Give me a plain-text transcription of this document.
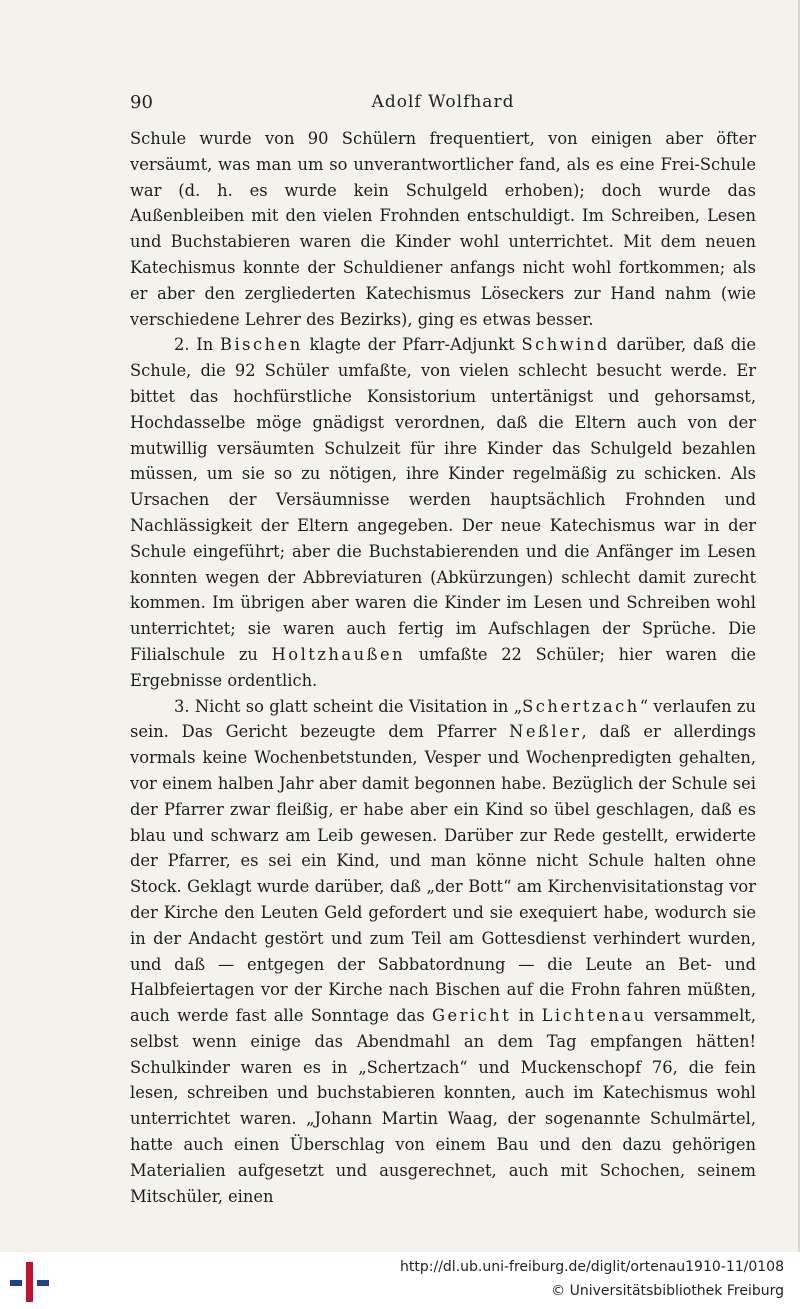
90	Adolf Wolfhard

Schule wurde von 90 Schülern frequentiert, von einigen aber öfter versäumt, was man um so unverantwortlicher fand, als es eine Frei-Schule war (d. h. es wurde kein Schulgeld erhoben); doch wurde das Außenbleiben mit den vielen Frohnden entschuldigt. Im Schreiben, Lesen und Buchstabieren waren die Kinder wohl unterrichtet. Mit dem neuen Katechismus konnte der Schuldiener anfangs nicht wohl fortkommen; als er aber den zergliederten Katechismus Löseckers zur Hand nahm (wie verschiedene Lehrer des Bezirks), ging es etwas besser.

2. In Bischen klagte der Pfarr-Adjunkt Schwind darüber, daß die Schule, die 92 Schüler umfaßte, von vielen schlecht besucht werde. Er bittet das hochfürstliche Konsistorium untertänigst und gehorsamst, Hochdasselbe möge gnädigst verordnen, daß die Eltern auch von der mutwillig versäumten Schulzeit für ihre Kinder das Schulgeld bezahlen müssen, um sie so zu nötigen, ihre Kinder regelmäßig zu schicken. Als Ursachen der Versäumnisse werden hauptsächlich Frohnden und Nachlässigkeit der Eltern angegeben. Der neue Katechismus war in der Schule eingeführt; aber die Buchstabierenden und die Anfänger im Lesen konnten wegen der Abbreviaturen (Abkürzungen) schlecht damit zurecht kommen. Im übrigen aber waren die Kinder im Lesen und Schreiben wohl unterrichtet; sie waren auch fertig im Aufschlagen der Sprüche. Die Filialschule zu Holtzhaußen umfaßte 22 Schüler; hier waren die Ergebnisse ordentlich.

3. Nicht so glatt scheint die Visitation in „Schertzach“ verlaufen zu sein. Das Gericht bezeugte dem Pfarrer Neßler, daß er allerdings vormals keine Wochenbetstunden, Vesper und Wochenpredigten gehalten, vor einem halben Jahr aber damit begonnen habe. Bezüglich der Schule sei der Pfarrer zwar fleißig, er habe aber ein Kind so übel geschlagen, daß es blau und schwarz am Leib gewesen. Darüber zur Rede gestellt, erwiderte der Pfarrer, es sei ein Kind, und man könne nicht Schule halten ohne Stock. Geklagt wurde darüber, daß „der Bott“ am Kirchenvisitationstag vor der Kirche den Leuten Geld gefordert und sie exequiert habe, wodurch sie in der Andacht gestört und zum Teil am Gottesdienst verhindert wurden, und daß — entgegen der Sabbatordnung — die Leute an Bet- und Halbfeiertagen vor der Kirche nach Bischen auf die Frohn fahren müßten, auch werde fast alle Sonntage das Gericht in Lichtenau versammelt, selbst wenn einige das Abendmahl an dem Tag empfangen hätten! Schulkinder waren es in „Schertzach“ und Muckenschopf 76, die fein lesen, schreiben und buchstabieren konnten, auch im Katechismus wohl unterrichtet waren. „Johann Martin Waag, der sogenannte Schulmärtel, hatte auch einen Überschlag von einem Bau und den dazu gehörigen Materialien aufgesetzt und ausgerechnet, auch mit Schochen, seinem Mitschüler, einen

http://dl.ub.uni-freiburg.de/diglit/ortenau1910-11/0108
© Universitätsbibliothek Freiburg
